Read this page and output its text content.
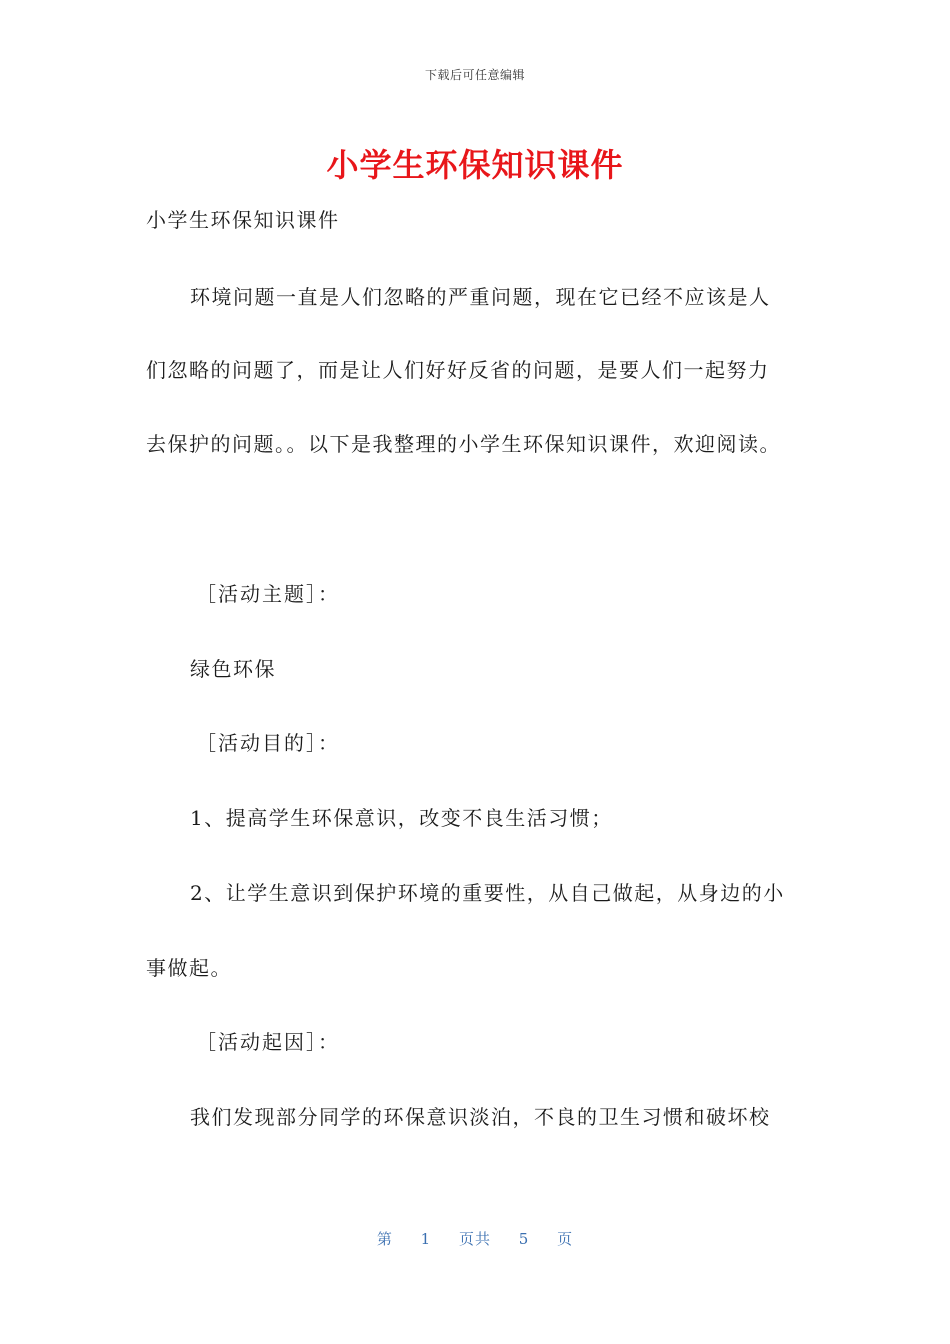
下载后可任意编辑
小学生环保知识课件
小学生环保知识课件
环境问题一直是人们忽略的严重问题，现在它已经不应该是人
们忽略的问题了，而是让人们好好反省的问题，是要人们一起努力
去保护的问题。。以下是我整理的小学生环保知识课件，欢迎阅读。
［活动主题］：
绿色环保
［活动目的］：
1、提高学生环保意识，改变不良生活习惯；
2、让学生意识到保护环境的重要性，从自己做起，从身边的小
事做起。
［活动起因］：
我们发现部分同学的环保意识淡泊，不良的卫生习惯和破坏校
第 1 页共 5 页
